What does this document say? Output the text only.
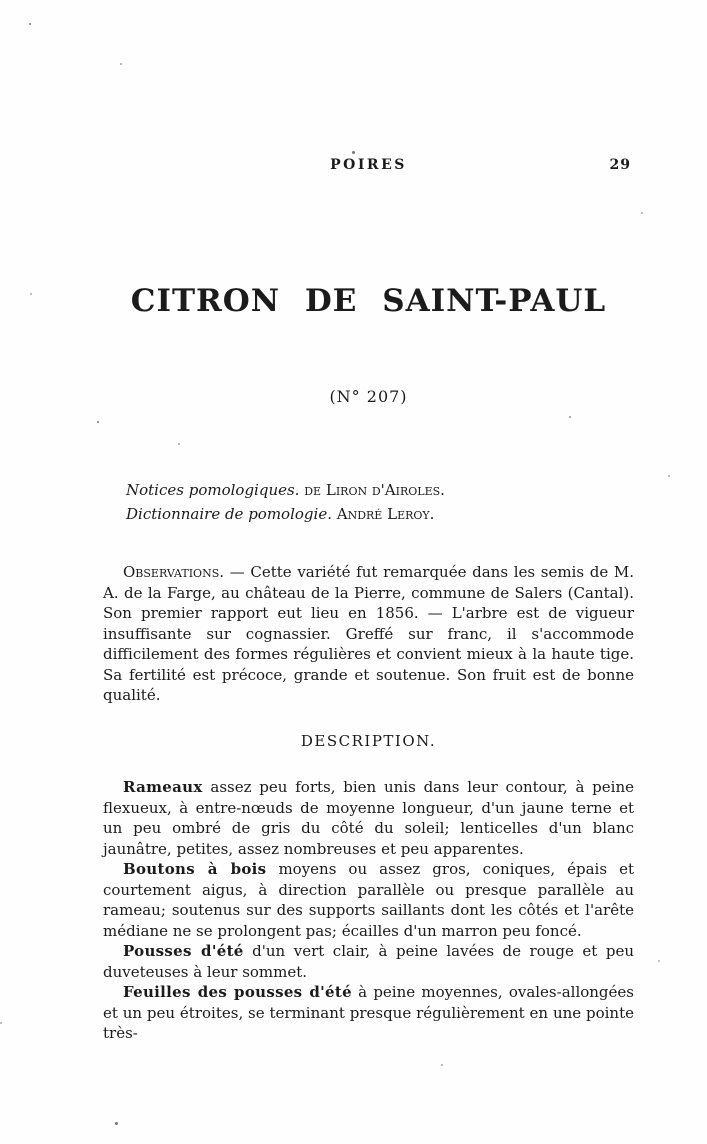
POIRES	29
CITRON DE SAINT-PAUL
(N° 207)
Notices pomologiques. de Liron d'Airoles.
Dictionnaire de pomologie. André Leroy.

Observations. — Cette variété fut remarquée dans les semis de M. A. de la Farge, au château de la Pierre, commune de Salers (Cantal). Son premier rapport eut lieu en 1856. — L'arbre est de vigueur insuffisante sur cognassier. Greffé sur franc, il s'accommode difficilement des formes régulières et convient mieux à la haute tige. Sa fertilité est précoce, grande et soutenue. Son fruit est de bonne qualité.

DESCRIPTION.

Rameaux assez peu forts, bien unis dans leur contour, à peine flexueux, à entre-nœuds de moyenne longueur, d'un jaune terne et un peu ombré de gris du côté du soleil; lenticelles d'un blanc jaunâtre, petites, assez nombreuses et peu apparentes.

Boutons à bois moyens ou assez gros, coniques, épais et courtement aigus, à direction parallèle ou presque parallèle au rameau; soutenus sur des supports saillants dont les côtés et l'arête médiane ne se prolongent pas; écailles d'un marron peu foncé.

Pousses d'été d'un vert clair, à peine lavées de rouge et peu duveteuses à leur sommet.

Feuilles des pousses d'été à peine moyennes, ovales-allongées et un peu étroites, se terminant presque régulièrement en une pointe très-
